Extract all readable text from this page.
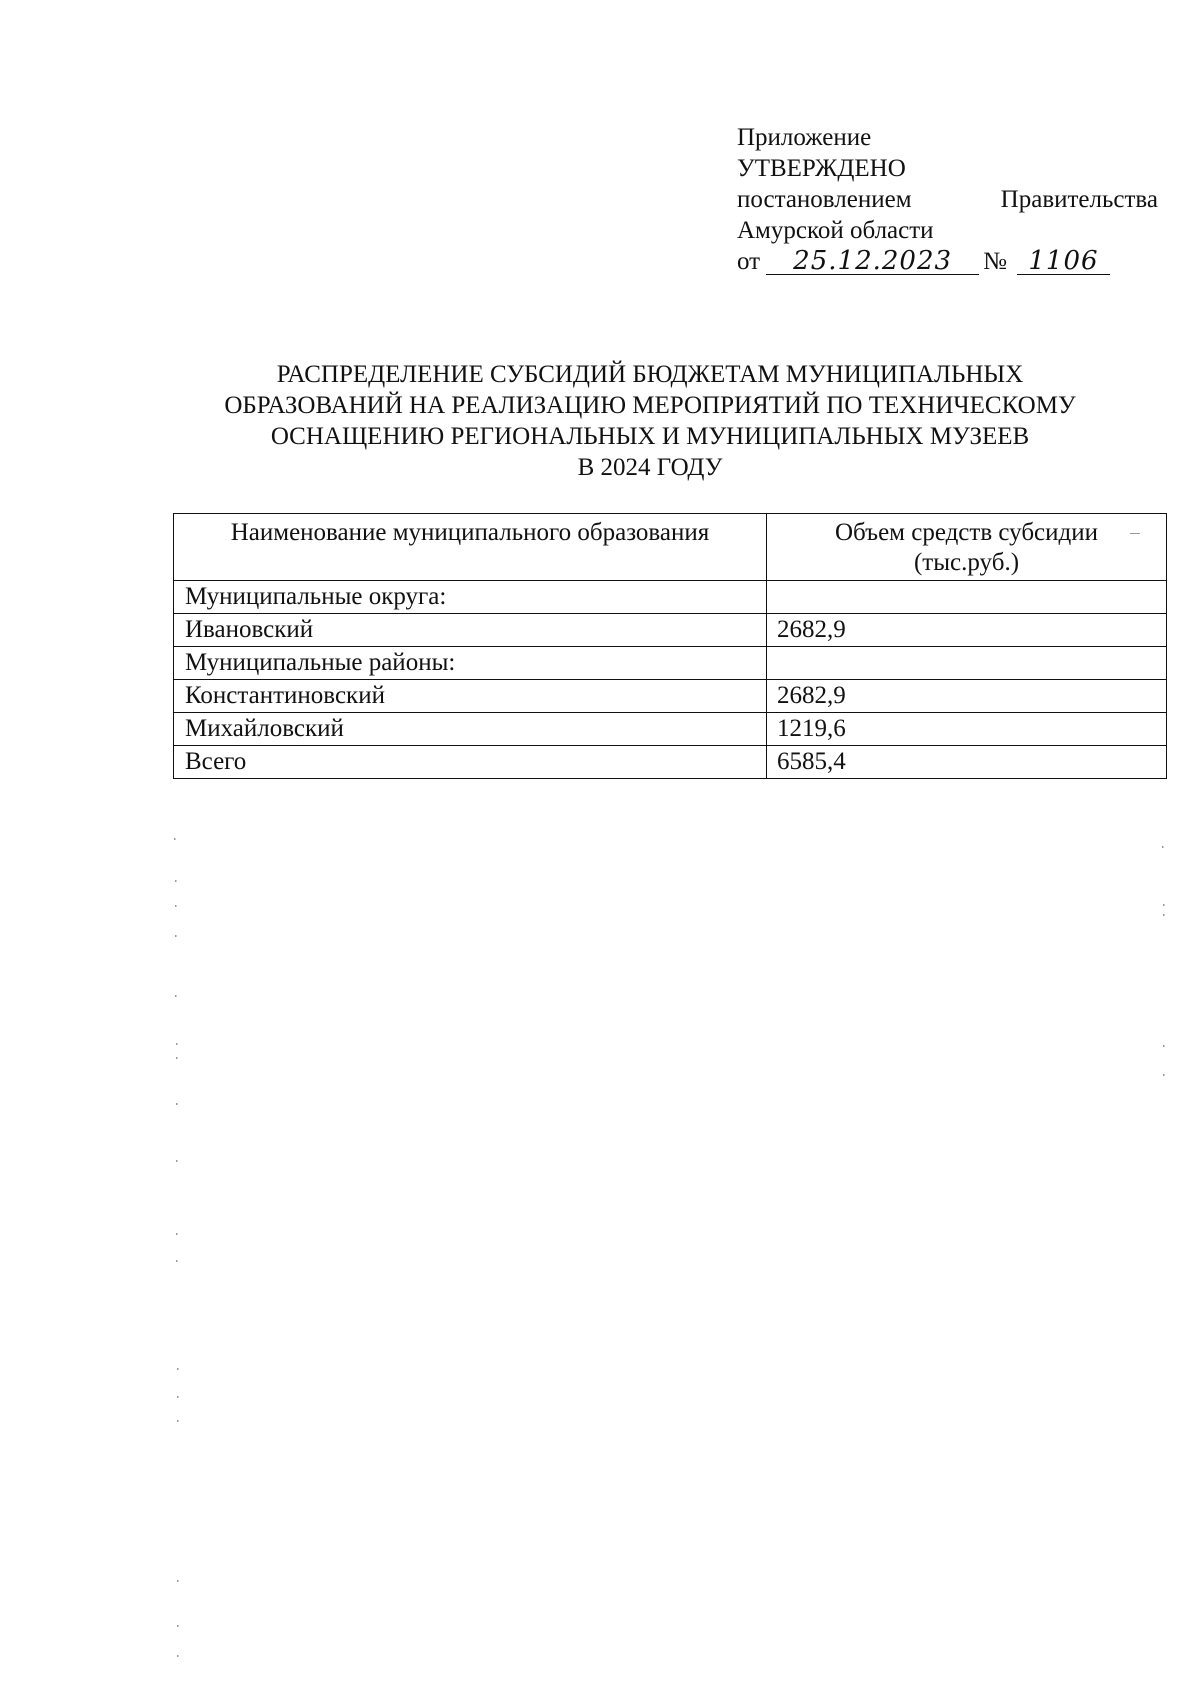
Приложение
УТВЕРЖДЕНО
постановлением	Правительства
Амурской области
от 25.12.2023 № 1106
РАСПРЕДЕЛЕНИЕ СУБСИДИЙ БЮДЖЕТАМ МУНИЦИПАЛЬНЫХ
ОБРАЗОВАНИЙ НА РЕАЛИЗАЦИЮ МЕРОПРИЯТИЙ ПО ТЕХНИЧЕСКОМУ
ОСНАЩЕНИЮ РЕГИОНАЛЬНЫХ И МУНИЦИПАЛЬНЫХ МУЗЕЕВ
В 2024 ГОДУ
Наименование муниципального образования	Объем средств субсидии
(тыс.руб.)

Муниципальные округа:	
Ивановский	2682,9
Муниципальные районы:	
Константиновский	2682,9
Михайловский	1219,6
Всего	6585,4
